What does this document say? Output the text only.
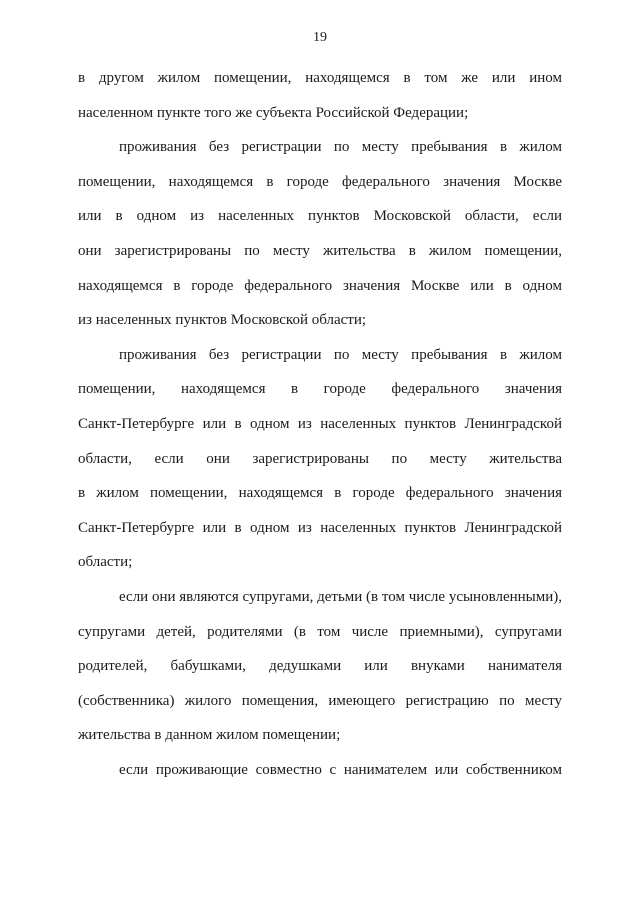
19
в другом жилом помещении, находящемся в том же или ином
населенном пункте того же субъекта Российской Федерации;
проживания без регистрации по месту пребывания в жилом
помещении, находящемся в городе федерального значения Москве
или в одном из населенных пунктов Московской области, если
они зарегистрированы по месту жительства в жилом помещении,
находящемся в городе федерального значения Москве или в одном
из населенных пунктов Московской области;
проживания без регистрации по месту пребывания в жилом
помещении, находящемся в городе федерального значения
Санкт-Петербурге или в одном из населенных пунктов Ленинградской
области, если они зарегистрированы по месту жительства
в жилом помещении, находящемся в городе федерального значения
Санкт-Петербурге или в одном из населенных пунктов Ленинградской
области;
если они являются супругами, детьми (в том числе усыновленными),
супругами детей, родителями (в том числе приемными), супругами
родителей, бабушками, дедушками или внуками нанимателя
(собственника) жилого помещения, имеющего регистрацию по месту
жительства в данном жилом помещении;
если проживающие совместно с нанимателем или собственником
